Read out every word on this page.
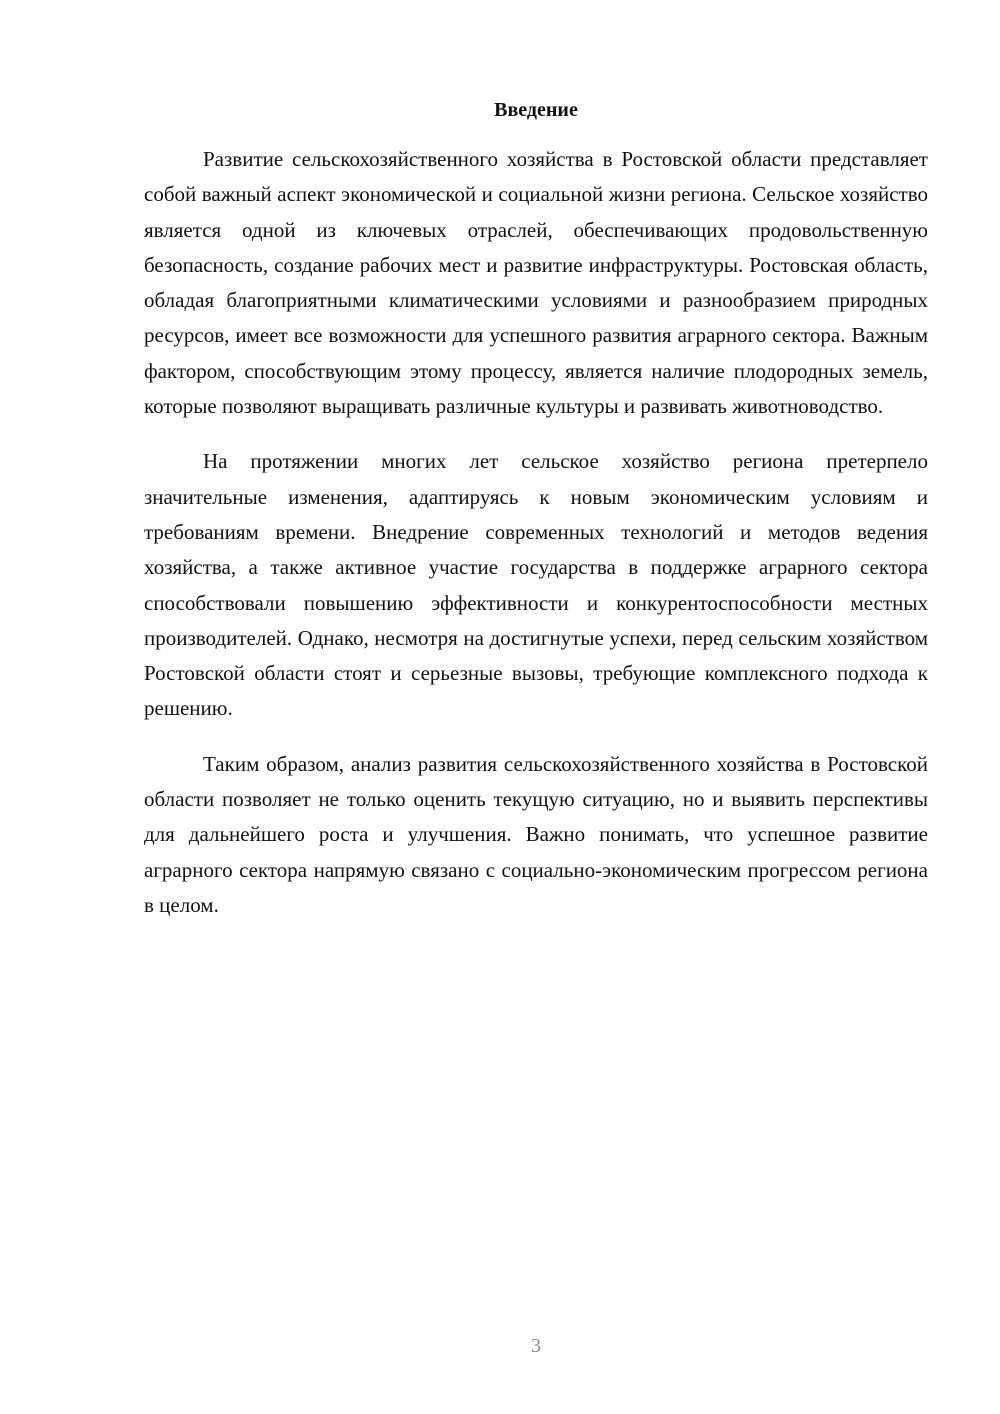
Введение

Развитие сельскохозяйственного хозяйства в Ростовской области представляет собой важный аспект экономической и социальной жизни региона. Сельское хозяйство является одной из ключевых отраслей, обеспечивающих продовольственную безопасность, создание рабочих мест и развитие инфраструктуры. Ростовская область, обладая благоприятными климатическими условиями и разнообразием природных ресурсов, имеет все возможности для успешного развития аграрного сектора. Важным фактором, способствующим этому процессу, является наличие плодородных земель, которые позволяют выращивать различные культуры и развивать животноводство.

На протяжении многих лет сельское хозяйство региона претерпело значительные изменения, адаптируясь к новым экономическим условиям и требованиям времени. Внедрение современных технологий и методов ведения хозяйства, а также активное участие государства в поддержке аграрного сектора способствовали повышению эффективности и конкурентоспособности местных производителей. Однако, несмотря на достигнутые успехи, перед сельским хозяйством Ростовской области стоят и серьезные вызовы, требующие комплексного подхода к решению.

Таким образом, анализ развития сельскохозяйственного хозяйства в Ростовской области позволяет не только оценить текущую ситуацию, но и выявить перспективы для дальнейшего роста и улучшения. Важно понимать, что успешное развитие аграрного сектора напрямую связано с социально-экономическим прогрессом региона в целом.

3
